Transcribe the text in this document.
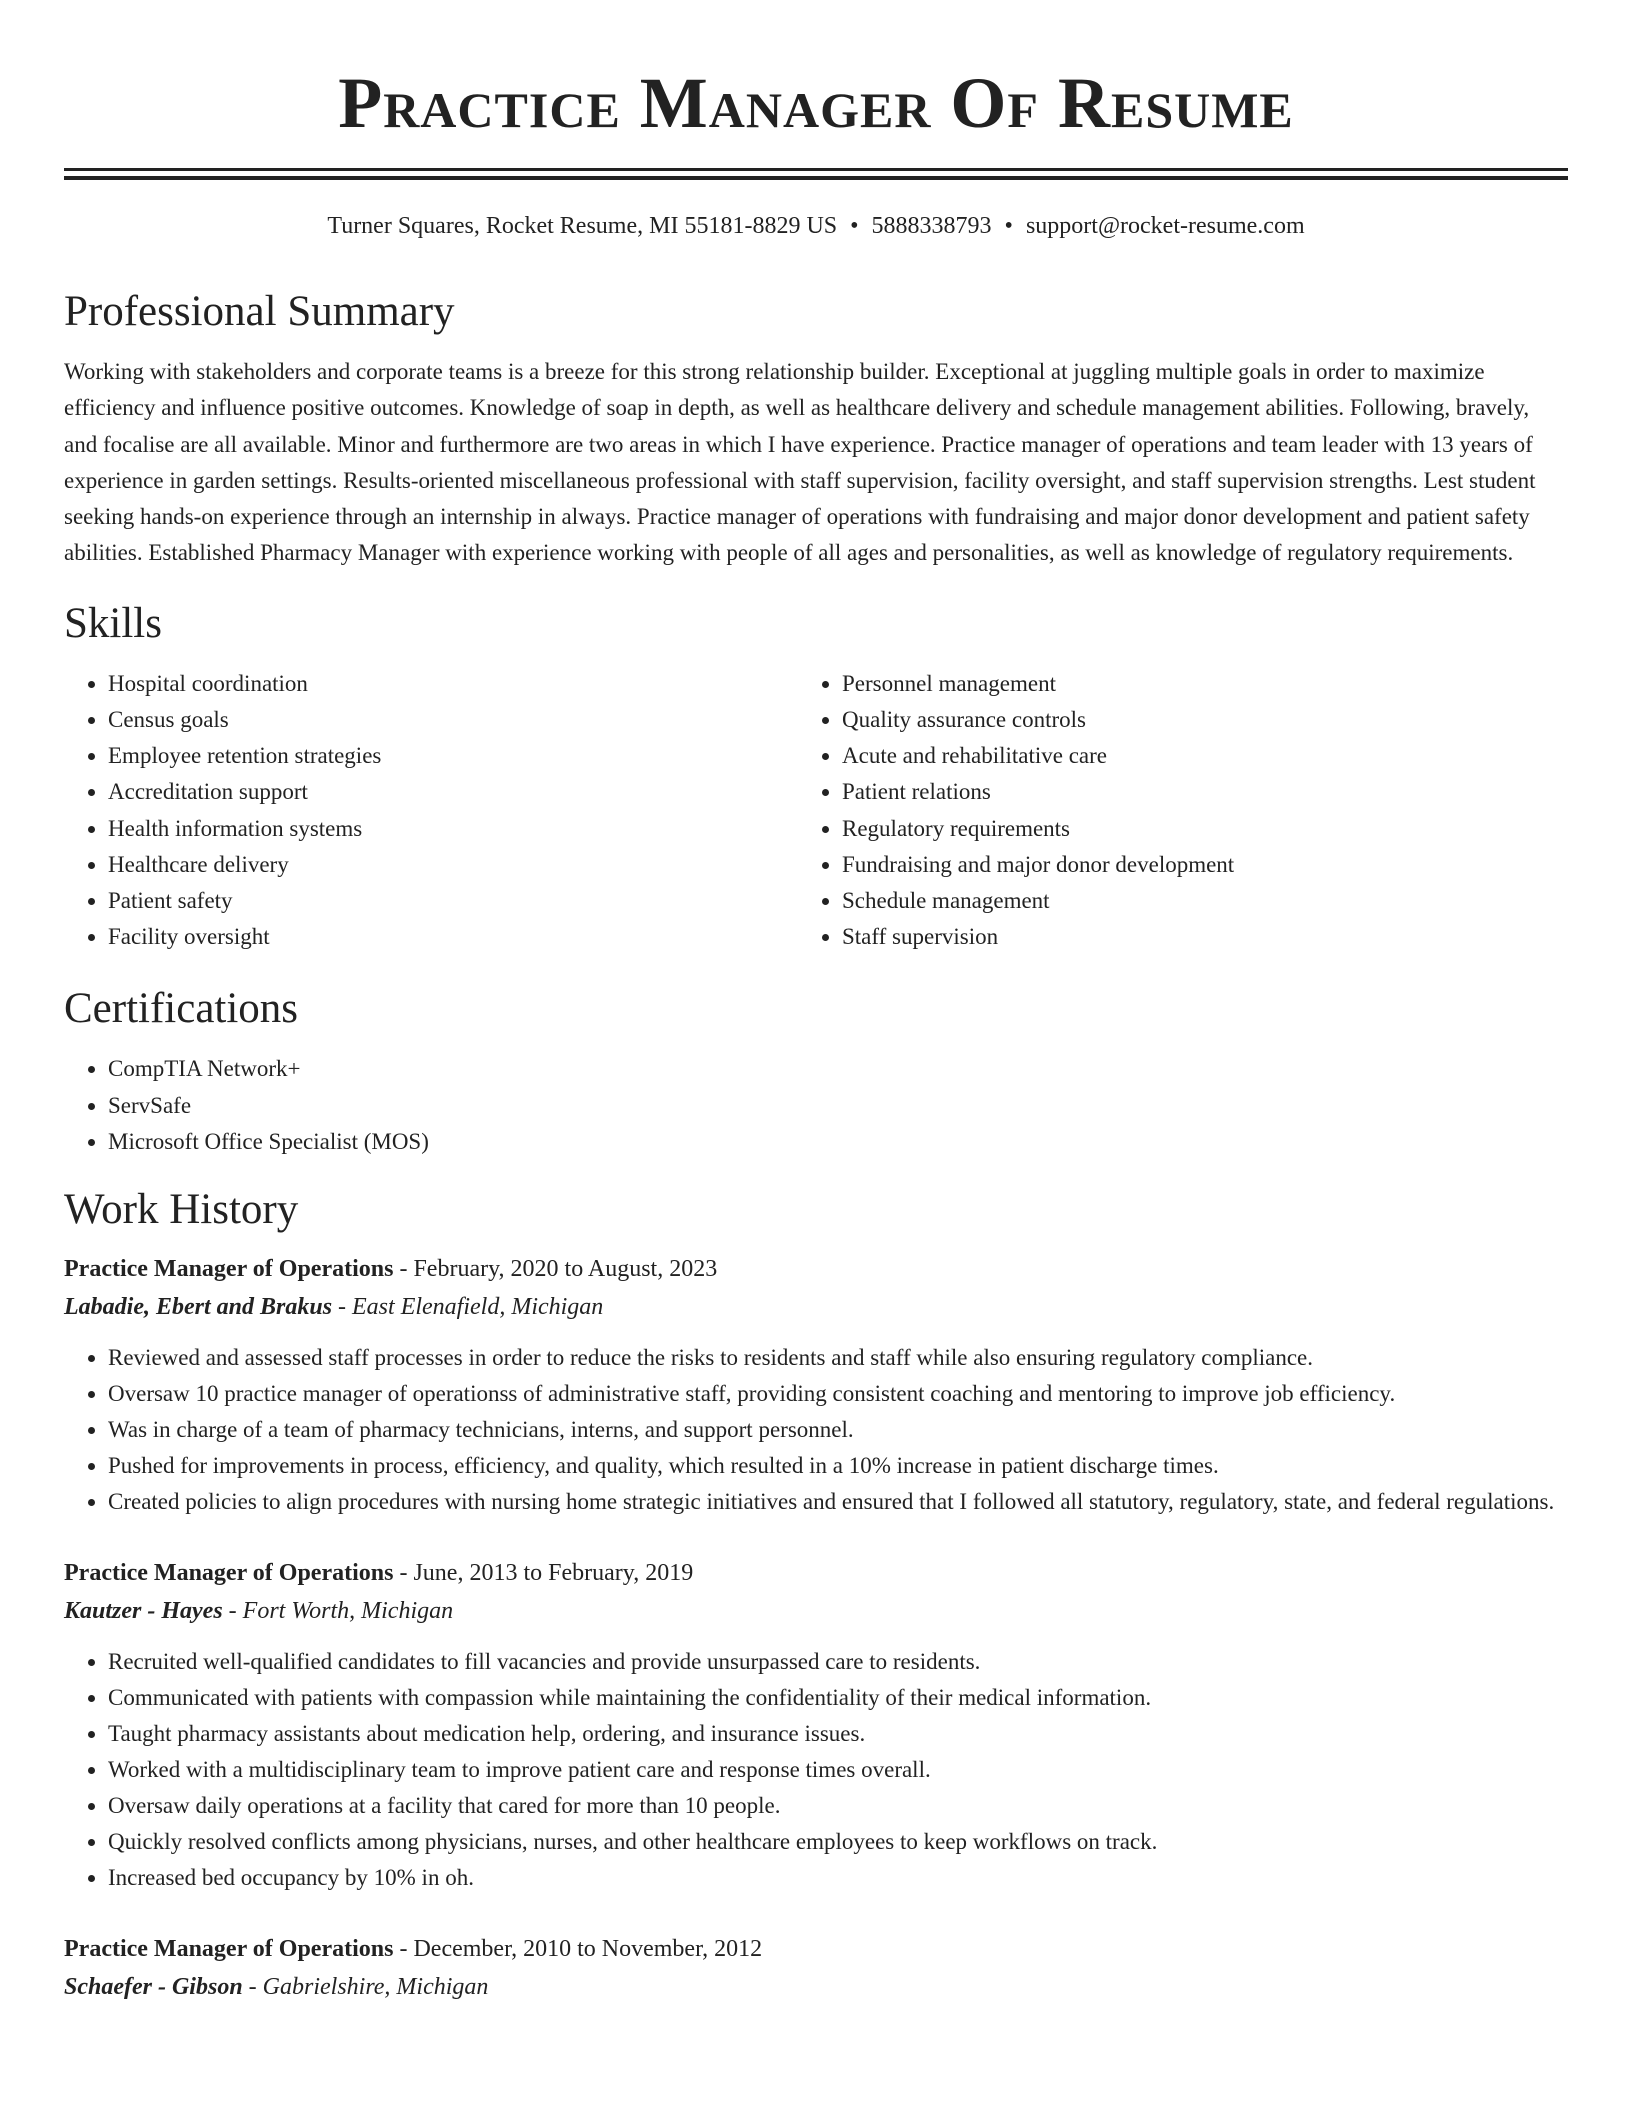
Practice Manager Of Resume
Turner Squares, Rocket Resume, MI 55181-8829 US • 5888338793 • support@rocket-resume.com
Professional Summary

Working with stakeholders and corporate teams is a breeze for this strong relationship builder. Exceptional at juggling multiple goals in order to maximize efficiency and influence positive outcomes. Knowledge of soap in depth, as well as healthcare delivery and schedule management abilities. Following, bravely, and focalise are all available. Minor and furthermore are two areas in which I have experience. Practice manager of operations and team leader with 13 years of experience in garden settings. Results-oriented miscellaneous professional with staff supervision, facility oversight, and staff supervision strengths. Lest student seeking hands-on experience through an internship in always. Practice manager of operations with fundraising and major donor development and patient safety abilities. Established Pharmacy Manager with experience working with people of all ages and personalities, as well as knowledge of regulatory requirements.

Skills
• Hospital coordination
• Census goals
• Employee retention strategies
• Accreditation support
• Health information systems
• Healthcare delivery
• Patient safety
• Facility oversight
• Personnel management
• Quality assurance controls
• Acute and rehabilitative care
• Patient relations
• Regulatory requirements
• Fundraising and major donor development
• Schedule management
• Staff supervision
Certifications
• CompTIA Network+
• ServSafe
• Microsoft Office Specialist (MOS)
Work History
Practice Manager of Operations - February, 2020 to August, 2023
Labadie, Ebert and Brakus - East Elenafield, Michigan
• Reviewed and assessed staff processes in order to reduce the risks to residents and staff while also ensuring regulatory compliance.
• Oversaw 10 practice manager of operationss of administrative staff, providing consistent coaching and mentoring to improve job efficiency.
• Was in charge of a team of pharmacy technicians, interns, and support personnel.
• Pushed for improvements in process, efficiency, and quality, which resulted in a 10% increase in patient discharge times.
• Created policies to align procedures with nursing home strategic initiatives and ensured that I followed all statutory, regulatory, state, and federal regulations.
Practice Manager of Operations - June, 2013 to February, 2019
Kautzer - Hayes - Fort Worth, Michigan
• Recruited well-qualified candidates to fill vacancies and provide unsurpassed care to residents.
• Communicated with patients with compassion while maintaining the confidentiality of their medical information.
• Taught pharmacy assistants about medication help, ordering, and insurance issues.
• Worked with a multidisciplinary team to improve patient care and response times overall.
• Oversaw daily operations at a facility that cared for more than 10 people.
• Quickly resolved conflicts among physicians, nurses, and other healthcare employees to keep workflows on track.
• Increased bed occupancy by 10% in oh.
Practice Manager of Operations - December, 2010 to November, 2012
Schaefer - Gibson - Gabrielshire, Michigan
